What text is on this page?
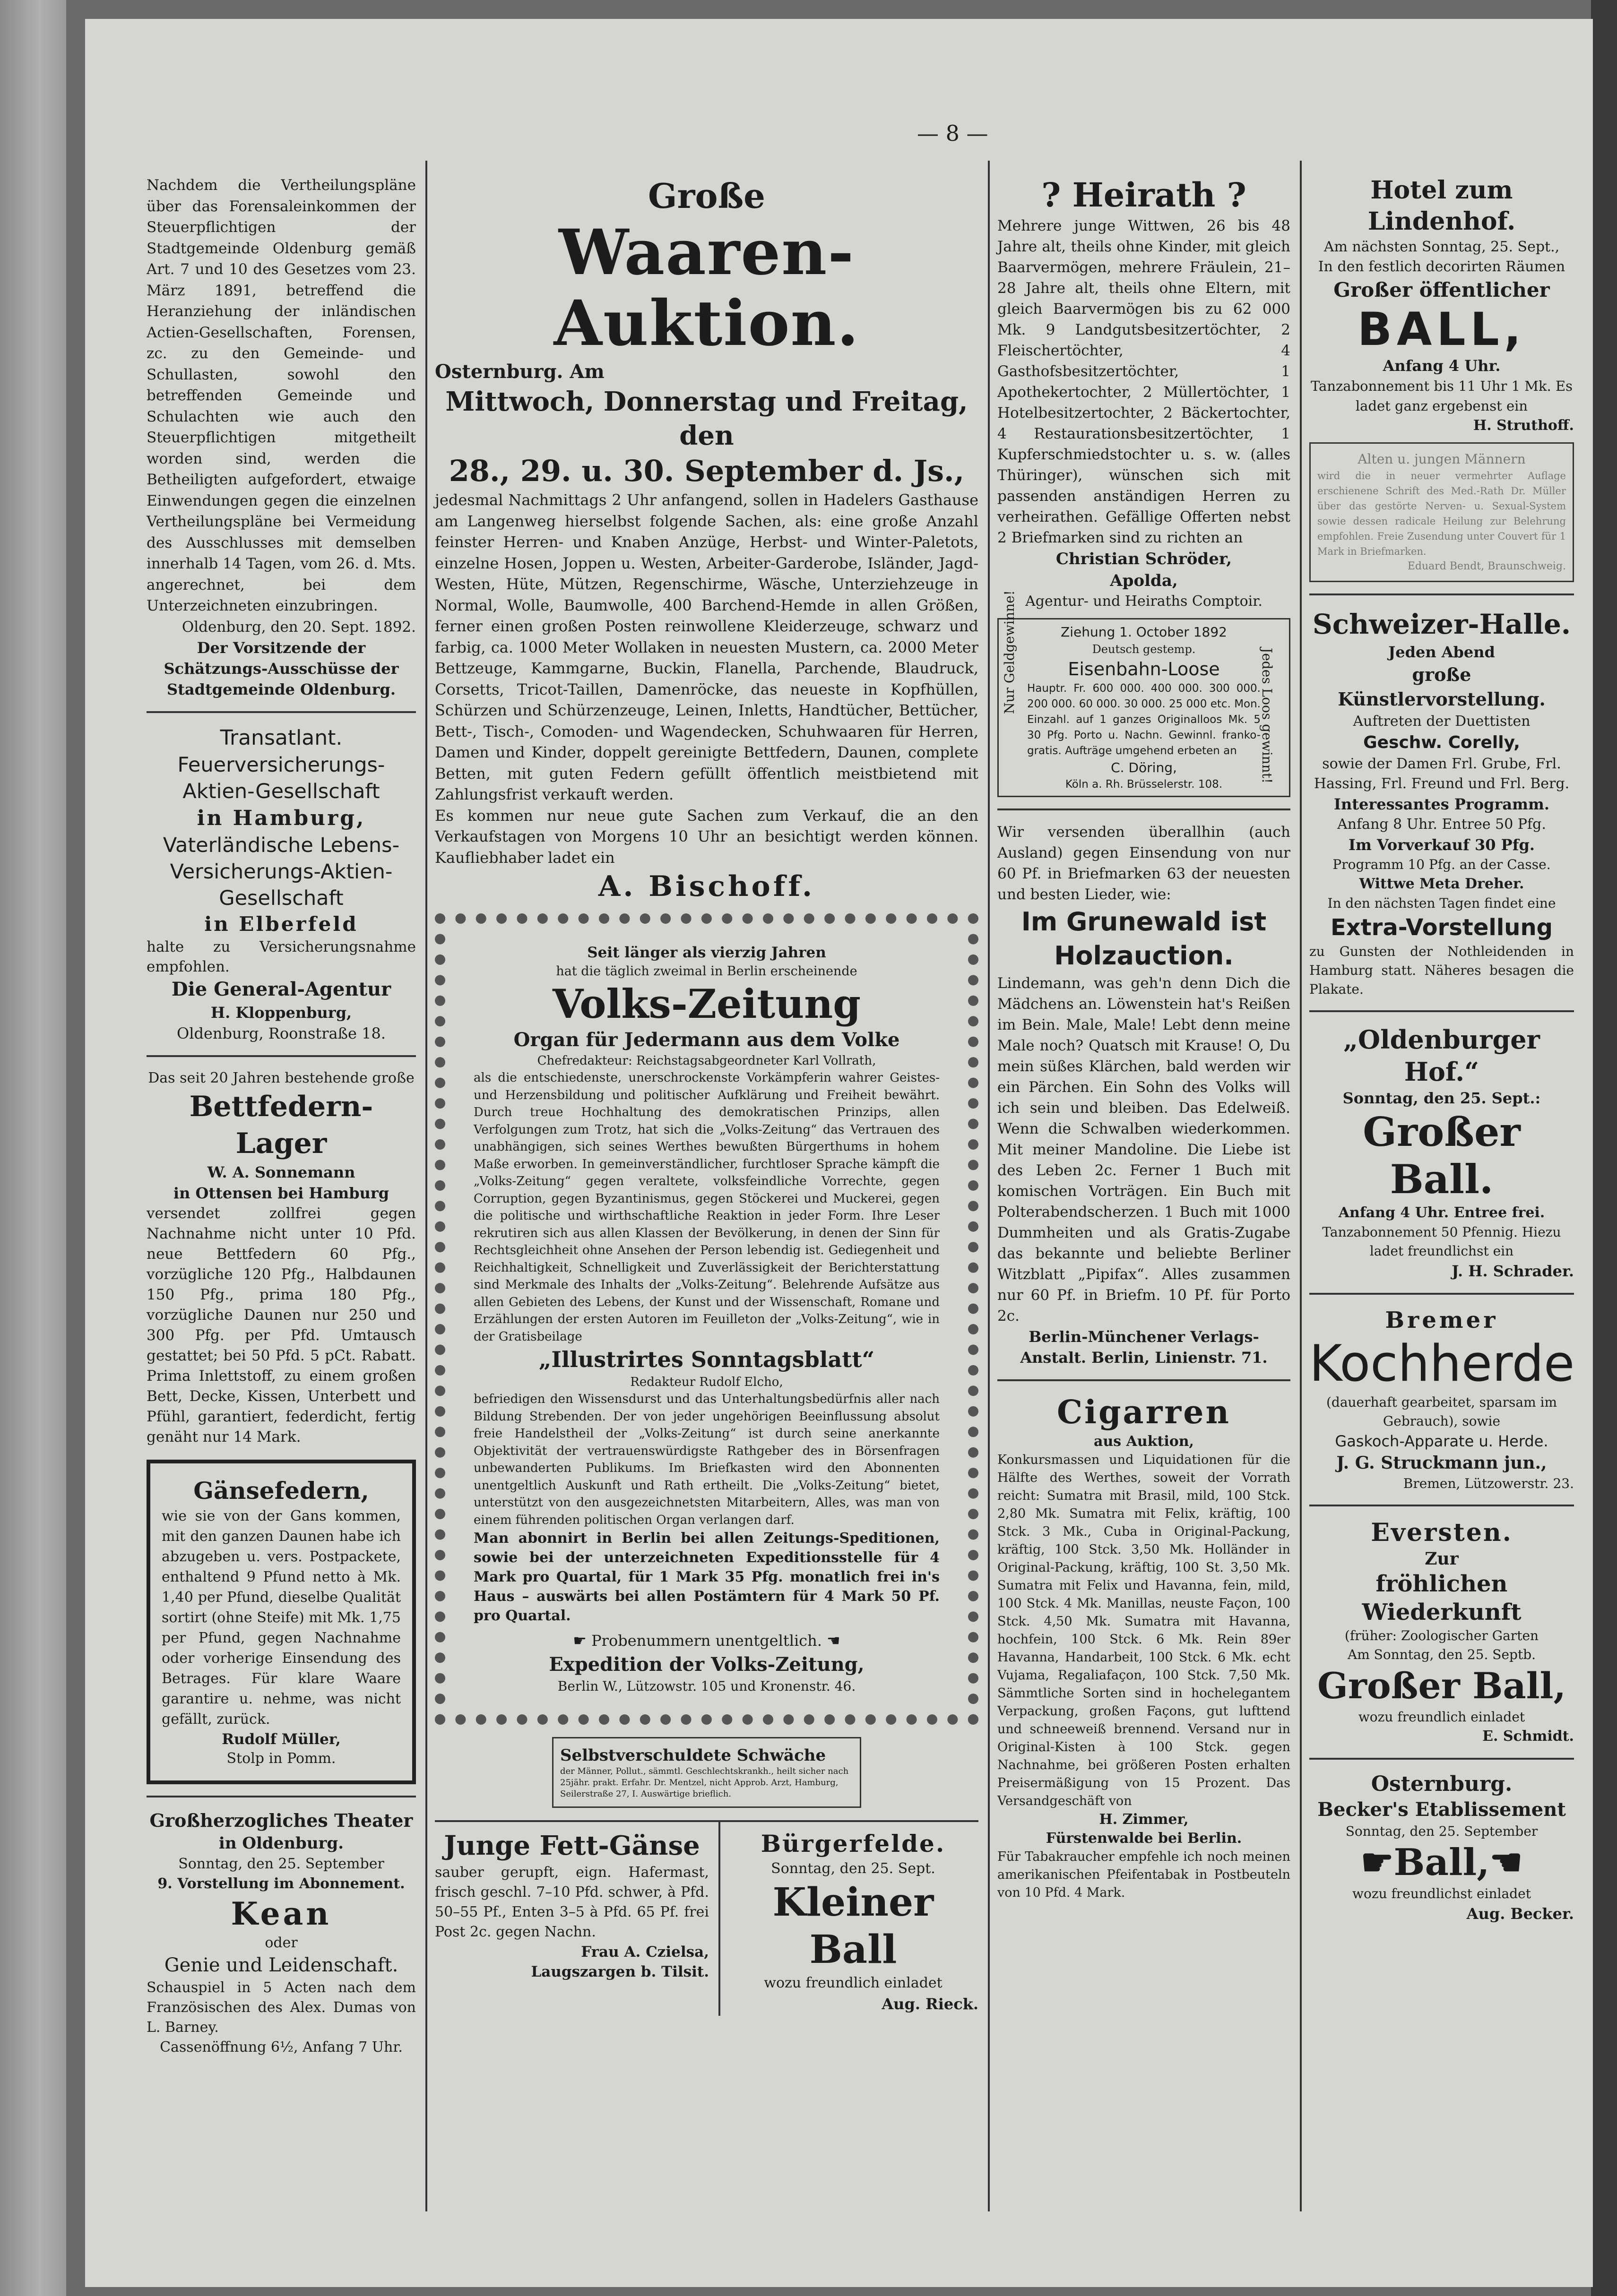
— 8 —

Nachdem die Vertheilungspläne über das Forensaleinkommen der Steuerpflichtigen der Stadtgemeinde Oldenburg gemäß Art. 7 und 10 des Gesetzes vom 23. März 1891, betreffend die Heranziehung der inländischen Actien-Gesellschaften, Forensen, zc. zu den Gemeinde- und Schullasten, sowohl den betreffenden Gemeinde und Schulachten wie auch den Steuerpflichtigen mitgetheilt worden sind, werden die Betheiligten aufgefordert, etwaige Einwendungen gegen die einzelnen Vertheilungspläne bei Vermeidung des Ausschlusses mit demselben innerhalb 14 Tagen, vom 26. d. Mts. angerechnet, bei dem Unterzeichneten einzubringen.

Oldenburg, den 20. Sept. 1892.

Der Vorsitzende der Schätzungs-Ausschüsse der Stadtgemeinde Oldenburg.

Transatlant.

Feuerversicherungs-Aktien-Gesellschaft

in Hamburg,

Vaterländische Lebens-Versicherungs-Aktien-Gesellschaft

in Elberfeld

halte zu Versicherungsnahme empfohlen.

Die General-Agentur

H. Kloppenburg,

Oldenburg, Roonstraße 18.

Das seit 20 Jahren bestehende große

Bettfedern-Lager

W. A. Sonnemann

in Ottensen bei Hamburg

versendet zollfrei gegen Nachnahme nicht unter 10 Pfd. neue Bettfedern 60 Pfg., vorzügliche 120 Pfg., Halbdaunen 150 Pfg., prima 180 Pfg., vorzügliche Daunen nur 250 und 300 Pfg. per Pfd. Umtausch gestattet; bei 50 Pfd. 5 pCt. Rabatt. Prima Inlettstoff, zu einem großen Bett, Decke, Kissen, Unterbett und Pfühl, garantiert, federdicht, fertig genäht nur 14 Mark.

Gänsefedern,

wie sie von der Gans kommen, mit den ganzen Daunen habe ich abzugeben u. vers. Postpackete, enthaltend 9 Pfund netto à Mk. 1,40 per Pfund, dieselbe Qualität sortirt (ohne Steife) mit Mk. 1,75 per Pfund, gegen Nachnahme oder vorherige Einsendung des Betrages. Für klare Waare garantire u. nehme, was nicht gefällt, zurück.

Rudolf Müller,

Stolp in Pomm.

Großherzogliches Theater

in Oldenburg.

Sonntag, den 25. September

9. Vorstellung im Abonnement.

Kean

oder

Genie und Leidenschaft.

Schauspiel in 5 Acten nach dem Französischen des Alex. Dumas von L. Barney.

Cassenöffnung 6½, Anfang 7 Uhr.

Große

Waaren-Auktion.

Osternburg. Am

Mittwoch, Donnerstag und Freitag, den

28., 29. u. 30. September d. Js.,

jedesmal Nachmittags 2 Uhr anfangend, sollen in Hadelers Gasthause am Langenweg hierselbst folgende Sachen, als: eine große Anzahl feinster Herren- und Knaben Anzüge, Herbst- und Winter-Paletots, einzelne Hosen, Joppen u. Westen, Arbeiter-Garderobe, Isländer, Jagd-Westen, Hüte, Mützen, Regenschirme, Wäsche, Unterziehzeuge in Normal, Wolle, Baumwolle, 400 Barchend-Hemde in allen Größen, ferner einen großen Posten reinwollene Kleiderzeuge, schwarz und farbig, ca. 1000 Meter Wollaken in neuesten Mustern, ca. 2000 Meter Bettzeuge, Kammgarne, Buckin, Flanella, Parchende, Blaudruck, Corsetts, Tricot-Taillen, Damenröcke, das neueste in Kopfhüllen, Schürzen und Schürzenzeuge, Leinen, Inletts, Handtücher, Bettücher, Bett-, Tisch-, Comoden- und Wagendecken, Schuhwaaren für Herren, Damen und Kinder, doppelt gereinigte Bettfedern, Daunen, complete Betten, mit guten Federn gefüllt öffentlich meistbietend mit Zahlungsfrist verkauft werden.

Es kommen nur neue gute Sachen zum Verkauf, die an den Verkaufstagen von Morgens 10 Uhr an besichtigt werden können. Kaufliebhaber ladet ein

A. Bischoff.

Seit länger als vierzig Jahren

hat die täglich zweimal in Berlin erscheinende

Volks-Zeitung

Organ für Jedermann aus dem Volke

Chefredakteur: Reichstagsabgeordneter Karl Vollrath,

als die entschiedenste, unerschrockenste Vorkämpferin wahrer Geistes- und Herzensbildung und politischer Aufklärung und Freiheit bewährt. Durch treue Hochhaltung des demokratischen Prinzips, allen Verfolgungen zum Trotz, hat sich die „Volks-Zeitung“ das Vertrauen des unabhängigen, sich seines Werthes bewußten Bürgerthums in hohem Maße erworben. In gemeinverständlicher, furchtloser Sprache kämpft die „Volks-Zeitung“ gegen veraltete, volksfeindliche Vorrechte, gegen Corruption, gegen Byzantinismus, gegen Stöckerei und Muckerei, gegen die politische und wirthschaftliche Reaktion in jeder Form. Ihre Leser rekrutiren sich aus allen Klassen der Bevölkerung, in denen der Sinn für Rechtsgleichheit ohne Ansehen der Person lebendig ist. Gediegenheit und Reichhaltigkeit, Schnelligkeit und Zuverlässigkeit der Berichterstattung sind Merkmale des Inhalts der „Volks-Zeitung“. Belehrende Aufsätze aus allen Gebieten des Lebens, der Kunst und der Wissenschaft, Romane und Erzählungen der ersten Autoren im Feuilleton der „Volks-Zeitung“, wie in der Gratisbeilage

„Illustrirtes Sonntagsblatt“

Redakteur Rudolf Elcho,

befriedigen den Wissensdurst und das Unterhaltungsbedürfnis aller nach Bildung Strebenden. Der von jeder ungehörigen Beeinflussung absolut freie Handelstheil der „Volks-Zeitung“ ist durch seine anerkannte Objektivität der vertrauenswürdigste Rathgeber des in Börsenfragen unbewanderten Publikums. Im Briefkasten wird den Abonnenten unentgeltlich Auskunft und Rath ertheilt. Die „Volks-Zeitung“ bietet, unterstützt von den ausgezeichnetsten Mitarbeitern, Alles, was man von einem führenden politischen Organ verlangen darf.

Man abonnirt in Berlin bei allen Zeitungs-Speditionen, sowie bei der unterzeichneten Expeditionsstelle für 4 Mark pro Quartal, für 1 Mark 35 Pfg. monatlich frei in's Haus – auswärts bei allen Postämtern für 4 Mark 50 Pf. pro Quartal.

☛ Probenummern unentgeltlich. ☚

Expedition der Volks-Zeitung,

Berlin W., Lützowstr. 105 und Kronenstr. 46.

Selbstverschuldete Schwäche

der Männer, Pollut., sämmtl. Geschlechtskrankh., heilt sicher nach 25jähr. prakt. Erfahr. Dr. Mentzel, nicht Approb. Arzt, Hamburg, Seilerstraße 27, I. Auswärtige brieflich.

Junge Fett-Gänse

sauber gerupft, eign. Hafermast, frisch geschl. 7–10 Pfd. schwer, à Pfd. 50–55 Pf., Enten 3–5 à Pfd. 65 Pf. frei Post 2c. gegen Nachn.

Frau A. Czielsa,

Laugszargen b. Tilsit.

Bürgerfelde.

Sonntag, den 25. Sept.

Kleiner Ball

wozu freundlich einladet

Aug. Rieck.

? Heirath ?

Mehrere junge Wittwen, 26 bis 48 Jahre alt, theils ohne Kinder, mit gleich Baarvermögen, mehrere Fräulein, 21–28 Jahre alt, theils ohne Eltern, mit gleich Baarvermögen bis zu 62 000 Mk. 9 Landgutsbesitzertöchter, 2 Fleischertöchter, 4 Gasthofsbesitzertöchter, 1 Apothekertochter, 2 Müllertöchter, 1 Hotelbesitzertochter, 2 Bäckertochter, 4 Restaurationsbesitzertöchter, 1 Kupferschmiedstochter u. s. w. (alles Thüringer), wünschen sich mit passenden anständigen Herren zu verheirathen. Gefällige Offerten nebst 2 Briefmarken sind zu richten an

Christian Schröder,

Apolda,

Agentur- und Heiraths Comptoir.

Ziehung 1. October 1892

Deutsch gestemp.

Eisenbahn-Loose

Hauptr. Fr. 600 000. 400 000. 300 000. 200 000. 60 000. 30 000. 25 000 etc. Mon. Einzahl. auf 1 ganzes Originalloos Mk. 5 30 Pfg. Porto u. Nachn. Gewinnl. franko-gratis. Aufträge umgehend erbeten an

C. Döring,

Köln a. Rh. Brüsselerstr. 108.

Nur Geldgewinne!	Jedes Loos gewinnt!

Wir versenden überallhin (auch Ausland) gegen Einsendung von nur 60 Pf. in Briefmarken 63 der neuesten und besten Lieder, wie:

Im Grunewald ist Holzauction.

Lindemann, was geh'n denn Dich die Mädchens an. Löwenstein hat's Reißen im Bein. Male, Male! Lebt denn meine Male noch? Quatsch mit Krause! O, Du mein süßes Klärchen, bald werden wir ein Pärchen. Ein Sohn des Volks will ich sein und bleiben. Das Edelweiß. Wenn die Schwalben wiederkommen. Mit meiner Mandoline. Die Liebe ist des Leben 2c. Ferner 1 Buch mit komischen Vorträgen. Ein Buch mit Polterabendscherzen. 1 Buch mit 1000 Dummheiten und als Gratis-Zugabe das bekannte und beliebte Berliner Witzblatt „Pipifax“. Alles zusammen nur 60 Pf. in Briefm. 10 Pf. für Porto 2c.

Berlin-Münchener Verlags-Anstalt. Berlin, Linienstr. 71.

Cigarren

aus Auktion,

Konkursmassen und Liquidationen für die Hälfte des Werthes, soweit der Vorrath reicht: Sumatra mit Brasil, mild, 100 Stck. 2,80 Mk. Sumatra mit Felix, kräftig, 100 Stck. 3 Mk., Cuba in Original-Packung, kräftig, 100 Stck. 3,50 Mk. Holländer in Original-Packung, kräftig, 100 St. 3,50 Mk. Sumatra mit Felix und Havanna, fein, mild, 100 Stck. 4 Mk. Manillas, neuste Façon, 100 Stck. 4,50 Mk. Sumatra mit Havanna, hochfein, 100 Stck. 6 Mk. Rein 89er Havanna, Handarbeit, 100 Stck. 6 Mk. echt Vujama, Regaliafaçon, 100 Stck. 7,50 Mk. Sämmtliche Sorten sind in hochelegantem Verpackung, großen Façons, gut lufttend und schneeweiß brennend. Versand nur in Original-Kisten à 100 Stck. gegen Nachnahme, bei größeren Posten erhalten Preisermäßigung von 15 Prozent. Das Versandgeschäft von

H. Zimmer,

Fürstenwalde bei Berlin.

Für Tabakraucher empfehle ich noch meinen amerikanischen Pfeifentabak in Postbeuteln von 10 Pfd. 4 Mark.

Hotel zum Lindenhof.

Am nächsten Sonntag, 25. Sept.,

In den festlich decorirten Räumen

Großer öffentlicher

BALL,

Anfang 4 Uhr.

Tanzabonnement bis 11 Uhr 1 Mk. Es ladet ganz ergebenst ein

H. Struthoff.

Alten u. jungen Männern

wird die in neuer vermehrter Auflage erschienene Schrift des Med.-Rath Dr. Müller über das gestörte Nerven- u. Sexual-System sowie dessen radicale Heilung zur Belehrung empfohlen. Freie Zusendung unter Couvert für 1 Mark in Briefmarken.

Eduard Bendt, Braunschweig.

Schweizer-Halle.

Jeden Abend

große Künstlervorstellung.

Auftreten der Duettisten

Geschw. Corelly,

sowie der Damen Frl. Grube, Frl. Hassing, Frl. Freund und Frl. Berg.

Interessantes Programm.

Anfang 8 Uhr. Entree 50 Pfg.

Im Vorverkauf 30 Pfg.

Programm 10 Pfg. an der Casse.

Wittwe Meta Dreher.

In den nächsten Tagen findet eine

Extra-Vorstellung

zu Gunsten der Nothleidenden in Hamburg statt. Näheres besagen die Plakate.

„Oldenburger Hof.“

Sonntag, den 25. Sept.:

Großer Ball.

Anfang 4 Uhr. Entree frei.

Tanzabonnement 50 Pfennig. Hiezu ladet freundlichst ein

J. H. Schrader.

Bremer

Kochherde

(dauerhaft gearbeitet, sparsam im Gebrauch), sowie

Gaskoch-Apparate u. Herde.

J. G. Struckmann jun.,

Bremen, Lützowerstr. 23.

Eversten.

Zur

fröhlichen Wiederkunft

(früher: Zoologischer Garten

Am Sonntag, den 25. Septb.

Großer Ball,

wozu freundlich einladet

E. Schmidt.

Osternburg.

Becker's Etablissement

Sonntag, den 25. September

☛Ball,☚

wozu freundlichst einladet

Aug. Becker.
